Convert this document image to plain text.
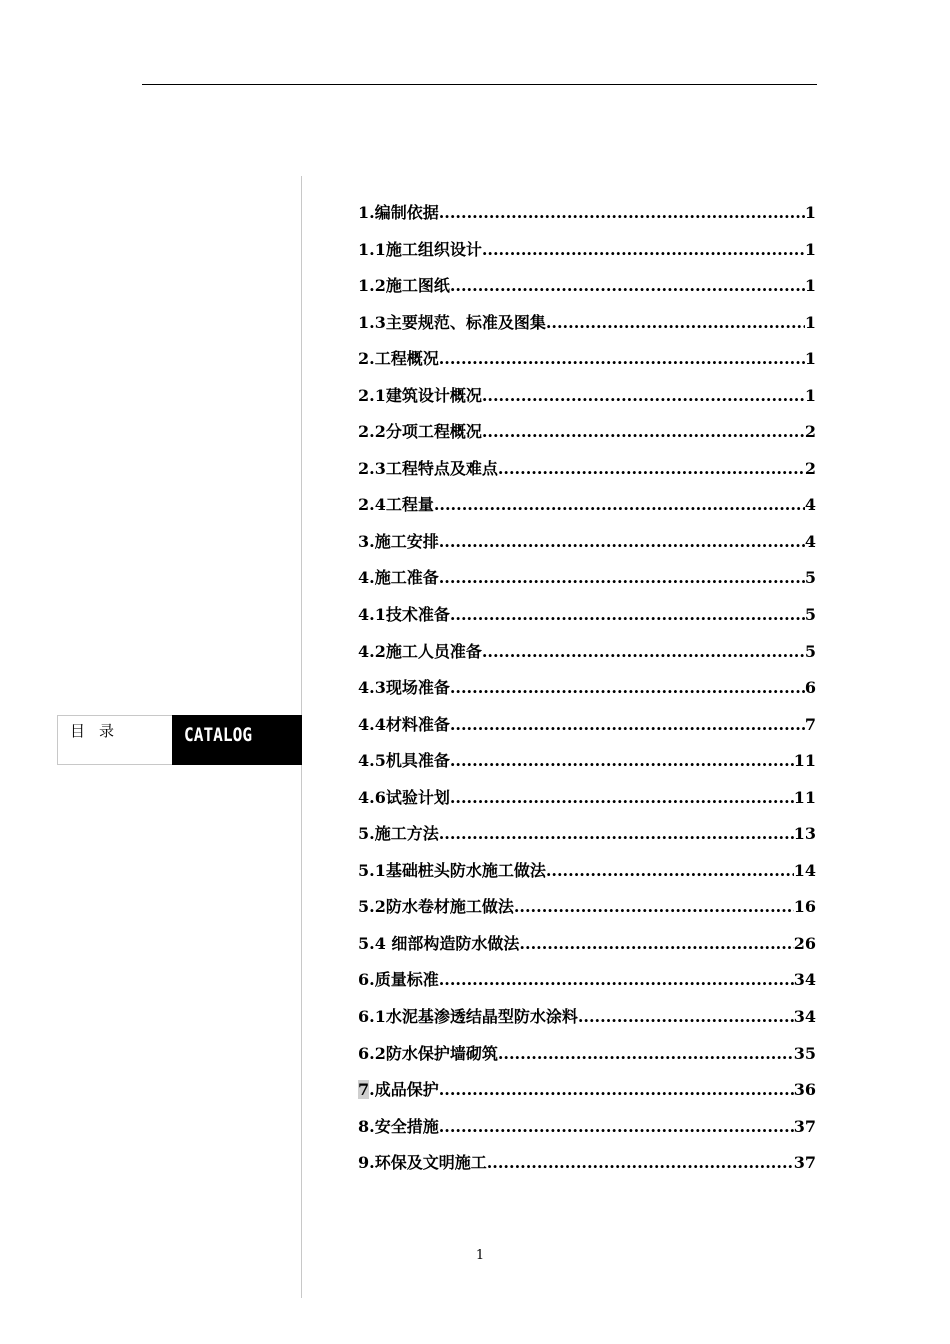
目录	CATALOG
1.编制依据 .....	1
1.1施工组织设计 .....	1
1.2施工图纸 .....	1
1.3主要规范、标准及图集 .....	1
2.工程概况 .....	1
2.1建筑设计概况 .....	1
2.2分项工程概况 .....	2
2.3工程特点及难点 .....	2
2.4工程量 .....	4
3.施工安排 .....	4
4.施工准备 .....	5
4.1技术准备 .....	5
4.2施工人员准备 .....	5
4.3现场准备 .....	6
4.4材料准备 .....	7
4.5机具准备 .....	11
4.6试验计划 .....	11
5.施工方法 .....	13
5.1基础桩头防水施工做法 .....	14
5.2防水卷材施工做法 .....	16
5.4 细部构造防水做法 .....	26
6.质量标准 .....	34
6.1水泥基渗透结晶型防水涂料 .....	34
6.2防水保护墙砌筑 .....	35
7.成品保护 .....	36
8.安全措施 .....	37
9.环保及文明施工 .....	37
1
